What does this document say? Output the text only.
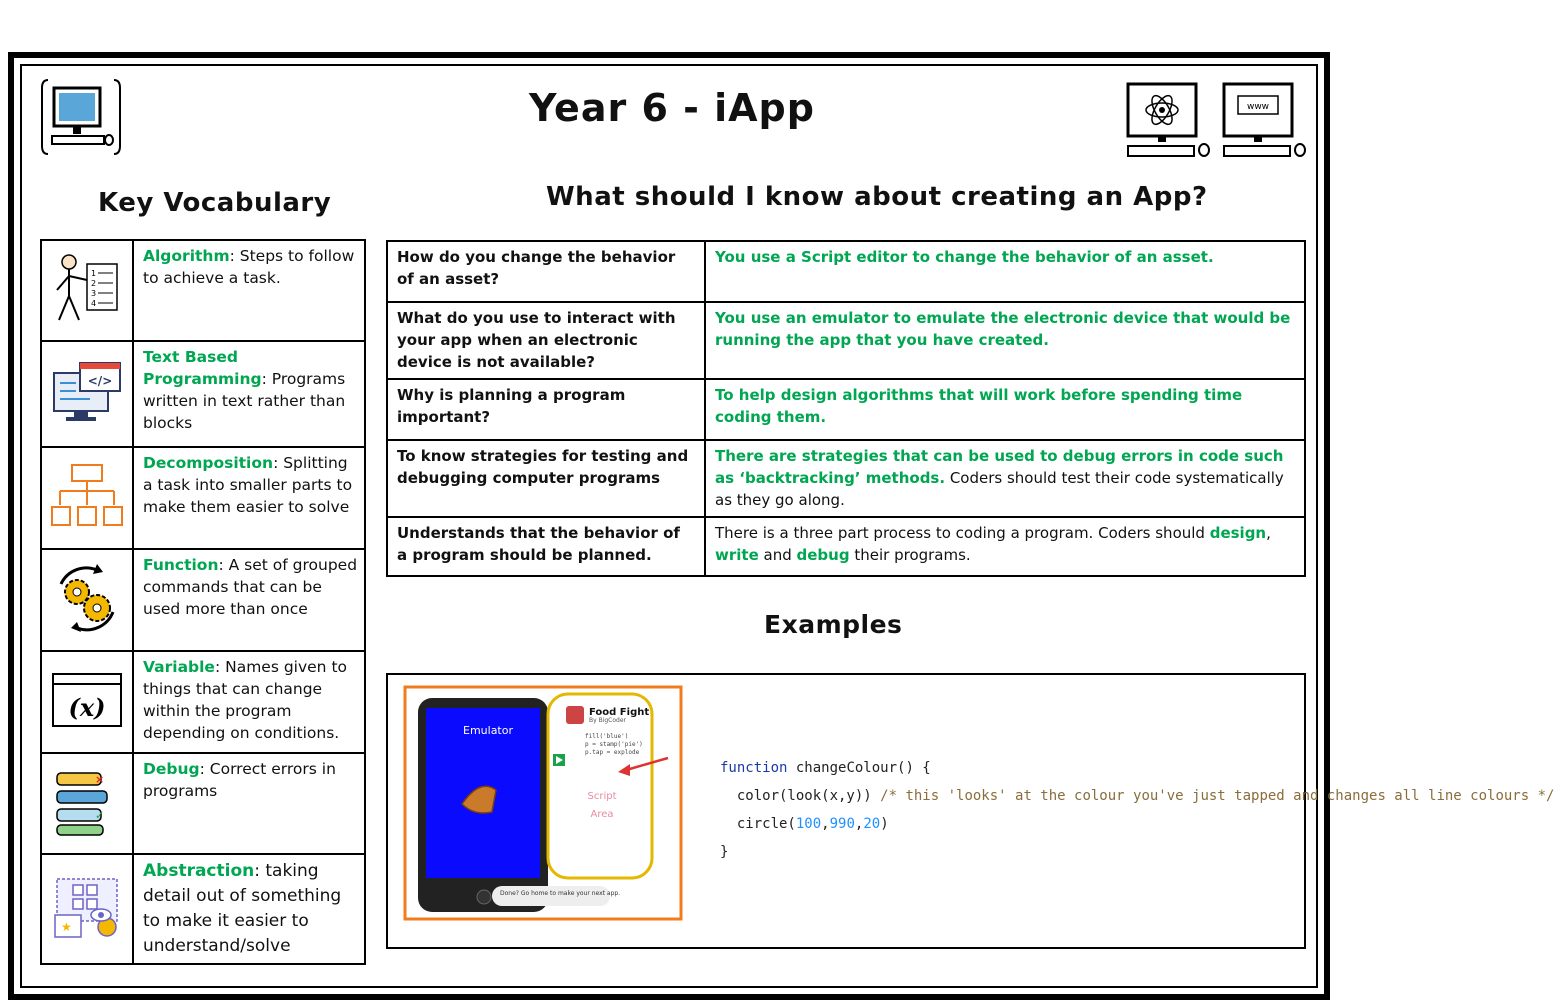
Year 6 - iApp	www
Key Vocabulary	What should I know about creating an App?
1
2
3
4	Algorithm: Steps to follow to achieve a task.

</>	Text Based Programming: Programs written in text rather than blocks
	Decomposition: Splitting a task into smaller parts to make them easier to solve
	Function: A set of grouped commands that can be used more than once

(x)	Variable: Names given to things that can change within the program depending on conditions.

×
✓	Debug: Correct errors in programs

★	Abstraction: taking detail out of something to make it easier to understand/solve
How do you change the behavior of an asset?	You use a Script editor to change the behavior of an asset.
What do you use to interact with your app when an electronic device is not available?	You use an emulator to emulate the electronic device that would be running the app that you have created.
Why is planning a program important?	To help design algorithms that will work before spending time coding them.
To know strategies for testing and debugging computer programs	There are strategies that can be used to debug errors in code such as ‘backtracking’ methods. Coders should test their code systematically as they go along.
Understands that the behavior of a program should be planned.	There is a three part process to coding a program. Coders should design, write and debug their programs.
Examples
Emulator
Food Fight
By BigCoder
fill('blue')
p = stamp('pie')
p.tap = explode
Script
Area
Done? Go home to make your next app.
function changeColour() {
color(look(x,y)) /* this 'looks' at the colour you've just tapped and changes all line colours */
circle(100,990,20)
}
